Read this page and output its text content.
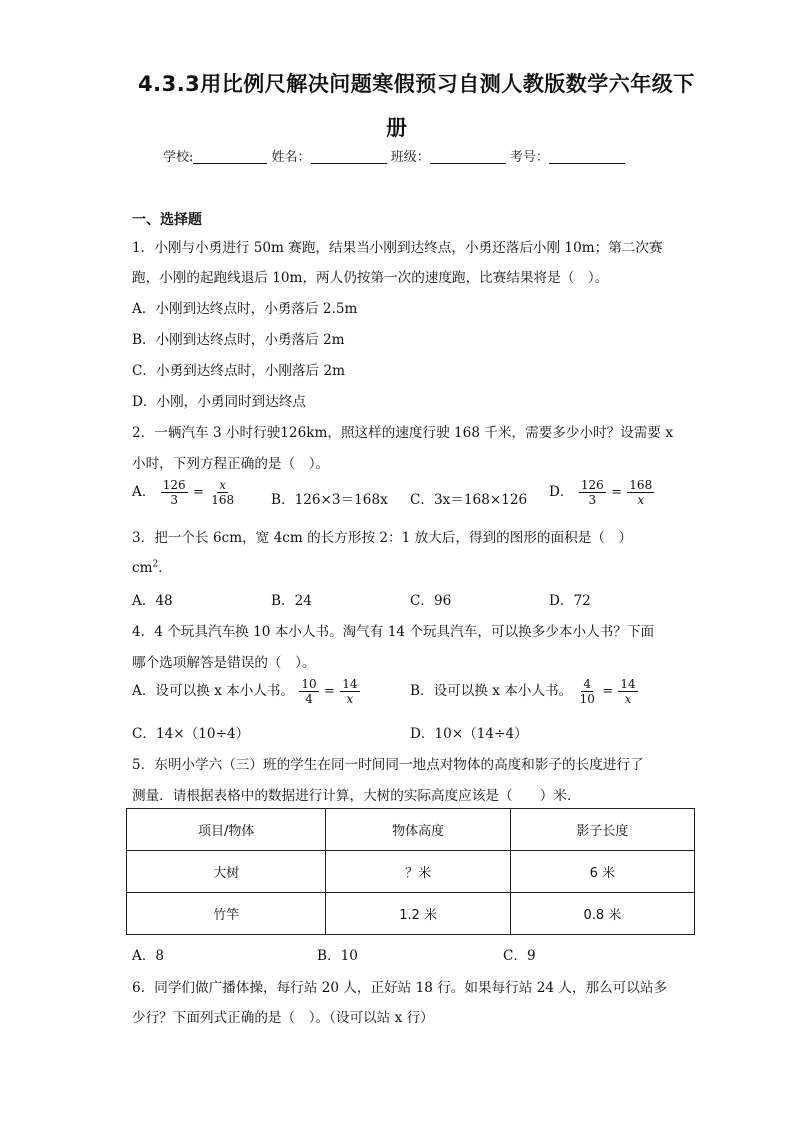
4.3.3用比例尺解决问题寒假预习自测人教版数学六年级下
册
学校:	姓名：	班级：	考号：
一、选择题
1．小刚与小勇进行 50m 赛跑，结果当小刚到达终点，小勇还落后小刚 10m；第二次赛
跑，小刚的起跑线退后 10m，两人仍按第一次的速度跑，比赛结果将是（　）。
A．小刚到达终点时，小勇落后 2.5m
B．小刚到达终点时，小勇落后 2m
C．小勇到达终点时，小刚落后 2m
D．小刚，小勇同时到达终点
2．一辆汽车 3 小时行驶126km，照这样的速度行驶 168 千米，需要多少小时？设需要 x
小时，下列方程正确的是（　）。
A． $\frac{126}{3} = \frac{x}{168}$	B．126×3＝168x C．3x＝168×126 D． $\frac{126}{3} = \frac{168}{x}$
3．把一个长 6cm，宽 4cm 的长方形按 2：1 放大后，得到的图形的面积是（　）
$cm^2$．
A．48	B．24	C．96	D．72
4．4 个玩具汽车换 10 本小人书。淘气有 14 个玩具汽车，可以换多少本小人书？下面
哪个选项解答是错误的（　）。
A．设可以换 x 本小人书。 $\frac{10}{4} = \frac{14}{x}$	B．设可以换 x 本小人书。 $\frac{4}{10} = \frac{14}{x}$
C．14×（10÷4）	D．10×（14÷4）
5．东明小学六（三）班的学生在同一时间同一地点对物体的高度和影子的长度进行了
测量．请根据表格中的数据进行计算，大树的实际高度应该是（　　）米．
项目/物体	物体高度	影子长度
大树	？米	6 米
竹竿	1.2 米	0.8 米
A．8	B．10	C．9
6．同学们做广播体操，每行站 20 人，正好站 18 行。如果每行站 24 人，那么可以站多
少行？下面列式正确的是（　）。（设可以站 x 行）
